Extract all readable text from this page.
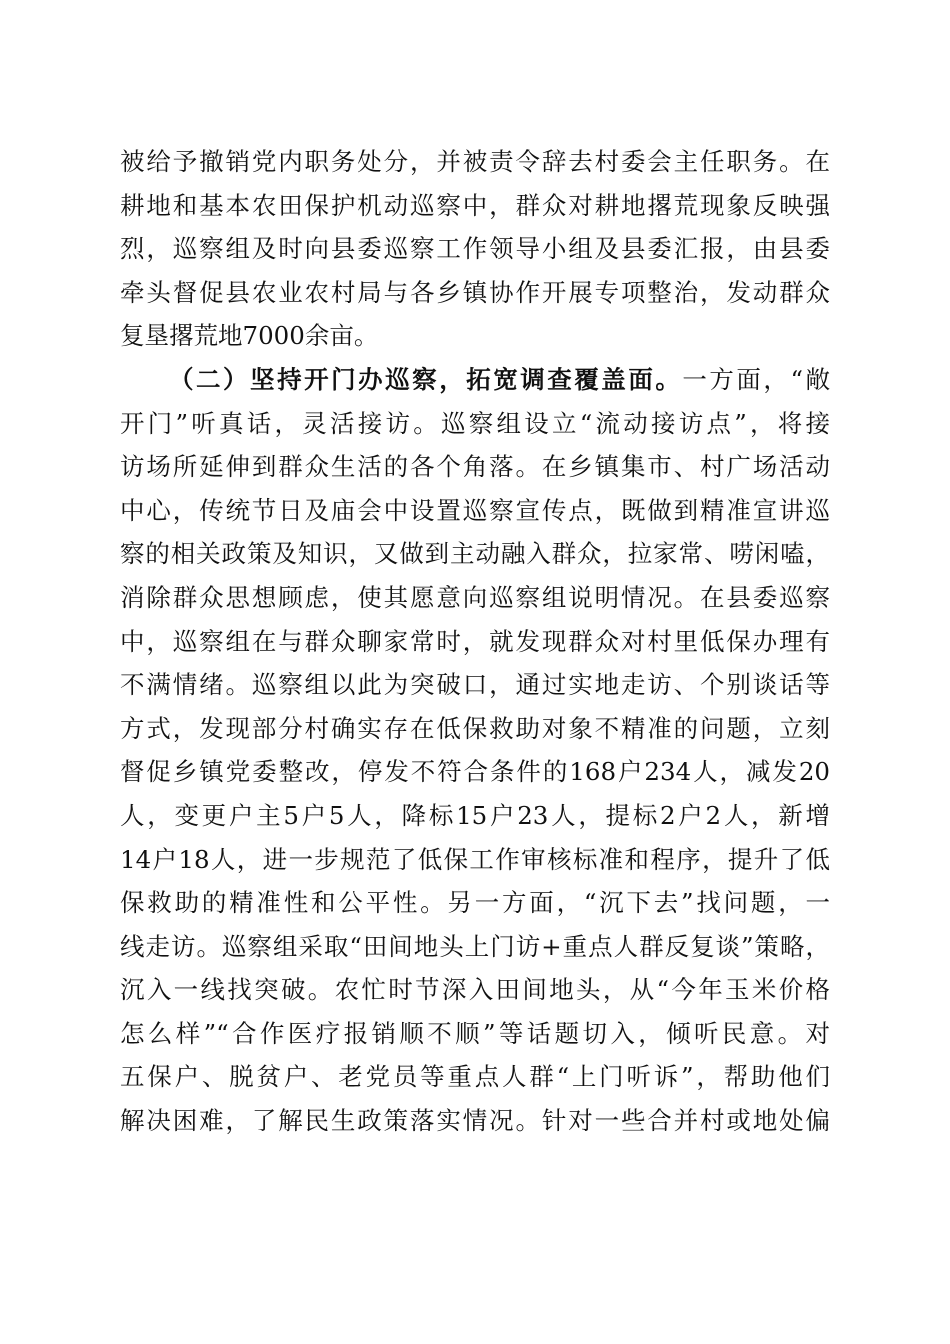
被给予撤销党内职务处分，并被责令辞去村委会主任职务。在
耕地和基本农田保护机动巡察中，群众对耕地撂荒现象反映强
烈，巡察组及时向县委巡察工作领导小组及县委汇报，由县委
牵头督促县农业农村局与各乡镇协作开展专项整治，发动群众
复垦撂荒地7000余亩。
（二）坚持开门办巡察，拓宽调查覆盖面。一方面，“敞
开门”听真话，灵活接访。巡察组设立“流动接访点”，将接
访场所延伸到群众生活的各个角落。在乡镇集市、村广场活动
中心，传统节日及庙会中设置巡察宣传点，既做到精准宣讲巡
察的相关政策及知识，又做到主动融入群众，拉家常、唠闲嗑，
消除群众思想顾虑，使其愿意向巡察组说明情况。在县委巡察
中，巡察组在与群众聊家常时，就发现群众对村里低保办理有
不满情绪。巡察组以此为突破口，通过实地走访、个别谈话等
方式，发现部分村确实存在低保救助对象不精准的问题，立刻
督促乡镇党委整改，停发不符合条件的168户234人，减发20
人，变更户主5户5人，降标15户23人，提标2户2人，新增
14户18人，进一步规范了低保工作审核标准和程序，提升了低
保救助的精准性和公平性。另一方面，“沉下去”找问题，一
线走访。巡察组采取“田间地头上门访+重点人群反复谈”策略，
沉入一线找突破。农忙时节深入田间地头，从“今年玉米价格
怎么样”“合作医疗报销顺不顺”等话题切入，倾听民意。对
五保户、脱贫户、老党员等重点人群“上门听诉”，帮助他们
解决困难，了解民生政策落实情况。针对一些合并村或地处偏
